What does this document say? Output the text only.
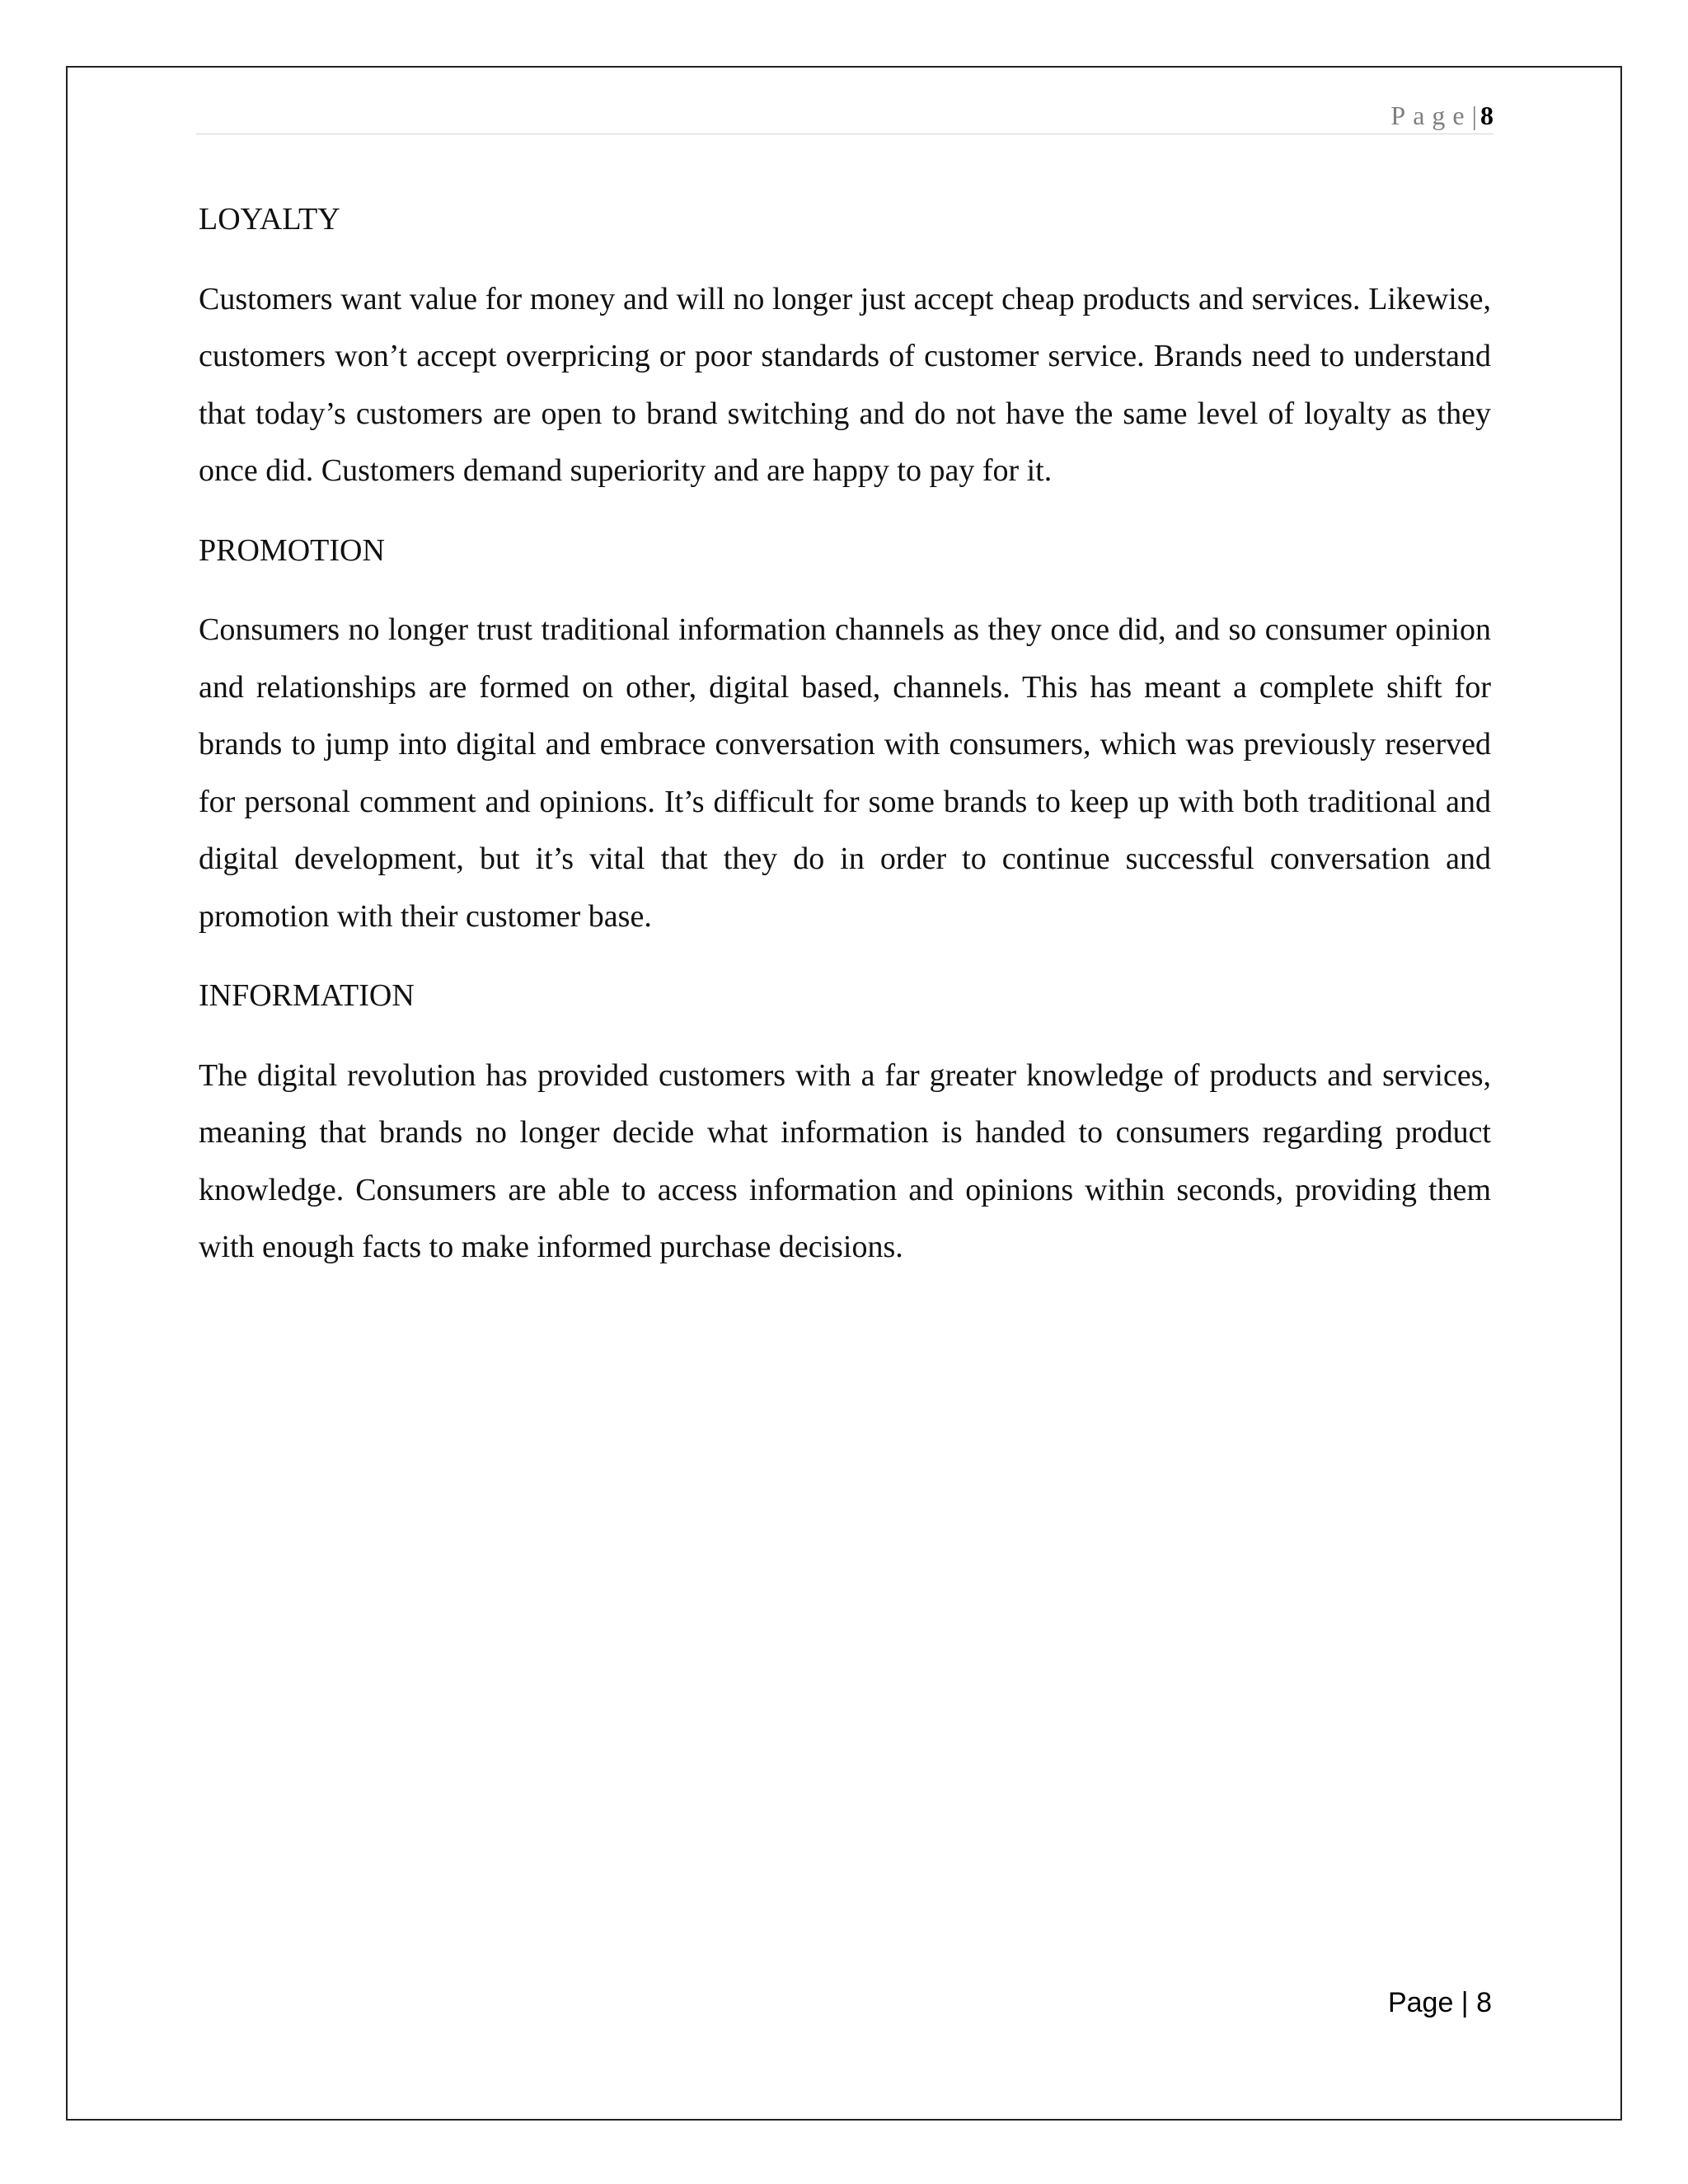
Page| 8

LOYALTY

Customers want value for money and will no longer just accept cheap products and services. Likewise, customers won’t accept overpricing or poor standards of customer service. Brands need to understand that today’s customers are open to brand switching and do not have the same level of loyalty as they once did. Customers demand superiority and are happy to pay for it.

PROMOTION

Consumers no longer trust traditional information channels as they once did, and so consumer opinion and relationships are formed on other, digital based, channels. This has meant a complete shift for brands to jump into digital and embrace conversation with consumers, which was previously reserved for personal comment and opinions. It’s difficult for some brands to keep up with both traditional and digital development, but it’s vital that they do in order to continue successful conversation and promotion with their customer base.

INFORMATION

The digital revolution has provided customers with a far greater knowledge of products and services, meaning that brands no longer decide what information is handed to consumers regarding product knowledge. Consumers are able to access information and opinions within seconds, providing them with enough facts to make informed purchase decisions.

Page | 8
